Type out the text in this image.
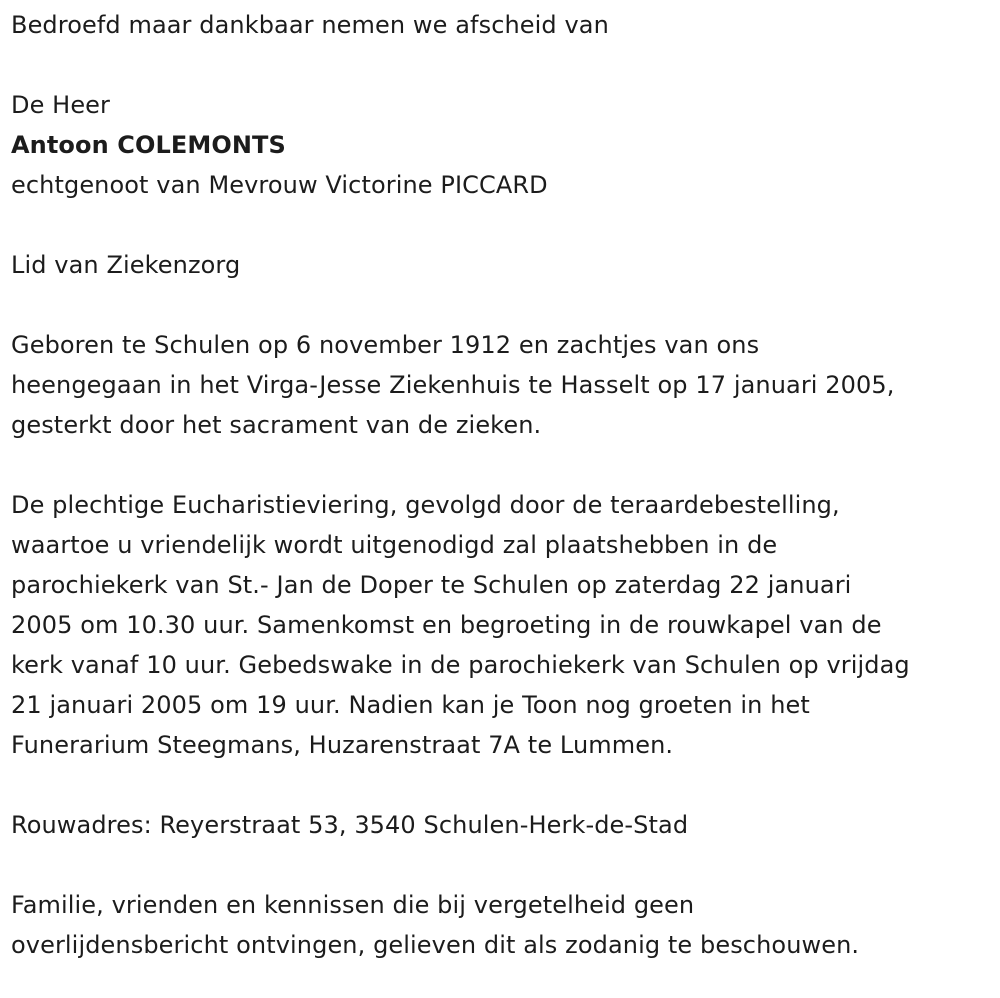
Bedroefd maar dankbaar nemen we afscheid van

De Heer

Antoon COLEMONTS

echtgenoot van Mevrouw Victorine PICCARD

Lid van Ziekenzorg

Geboren te Schulen op 6 november 1912 en zachtjes van ons

heengegaan in het Virga-Jesse Ziekenhuis te Hasselt op 17 januari 2005,

gesterkt door het sacrament van de zieken.

De plechtige Eucharistieviering, gevolgd door de teraardebestelling,

waartoe u vriendelijk wordt uitgenodigd zal plaatshebben in de

parochiekerk van St.- Jan de Doper te Schulen op zaterdag 22 januari

2005 om 10.30 uur. Samenkomst en begroeting in de rouwkapel van de

kerk vanaf 10 uur. Gebedswake in de parochiekerk van Schulen op vrijdag

21 januari 2005 om 19 uur. Nadien kan je Toon nog groeten in het

Funerarium Steegmans, Huzarenstraat 7A te Lummen.

Rouwadres: Reyerstraat 53, 3540 Schulen-Herk-de-Stad

Familie, vrienden en kennissen die bij vergetelheid geen

overlijdensbericht ontvingen, gelieven dit als zodanig te beschouwen.
